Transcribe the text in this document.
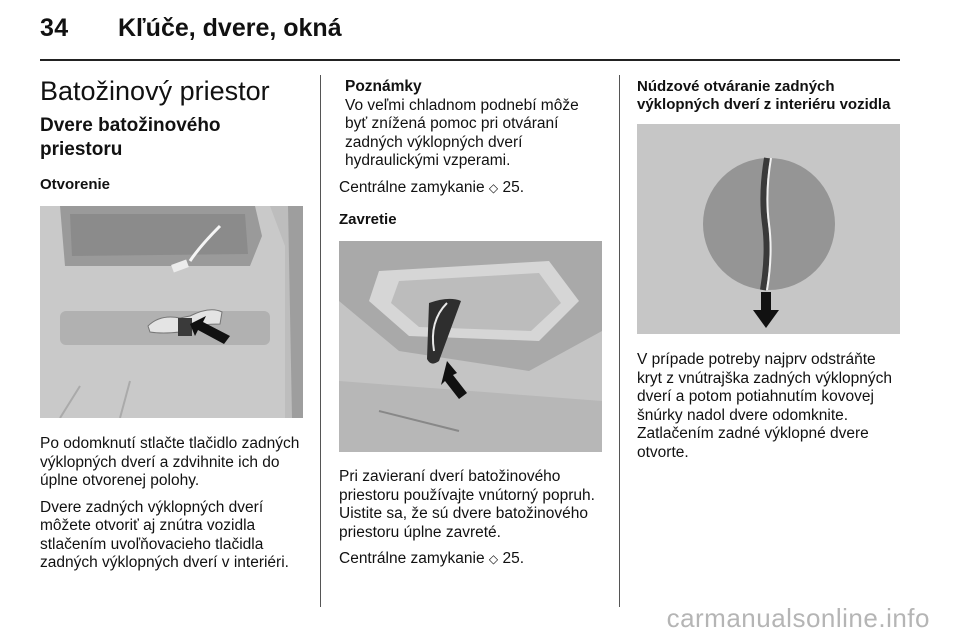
34 Kľúče, dvere, okná
Batožinový priestor
Dvere batožinového priestoru
Otvorenie

Po odomknutí stlačte tlačidlo zadných výklopných dverí a zdvihnite ich do úplne otvorenej polohy.

Dvere zadných výklopných dverí môžete otvoriť aj znútra vozidla stlačením uvoľňovacieho tlačidla zadných výklopných dverí v interiéri.

Poznámky

Vo veľmi chladnom podnebí môže byť znížená pomoc pri otváraní zadných výklopných dverí hydraulickými vzperami.

Centrálne zamykanie ◇ 25.

Zavretie

Pri zavieraní dverí batožinového priestoru používajte vnútorný popruh. Uistite sa, že sú dvere batožinového priestoru úplne zavreté.

Centrálne zamykanie ◇ 25.

Núdzové otváranie zadných
výklopných dverí z interiéru vozidla

V prípade potreby najprv odstráňte kryt z vnútrajška zadných výklopných dverí a potom potiahnutím kovovej šnúrky nadol dvere odomknite. Zatlačením zadné výklopné dvere otvorte.

carmanualsonline.info
